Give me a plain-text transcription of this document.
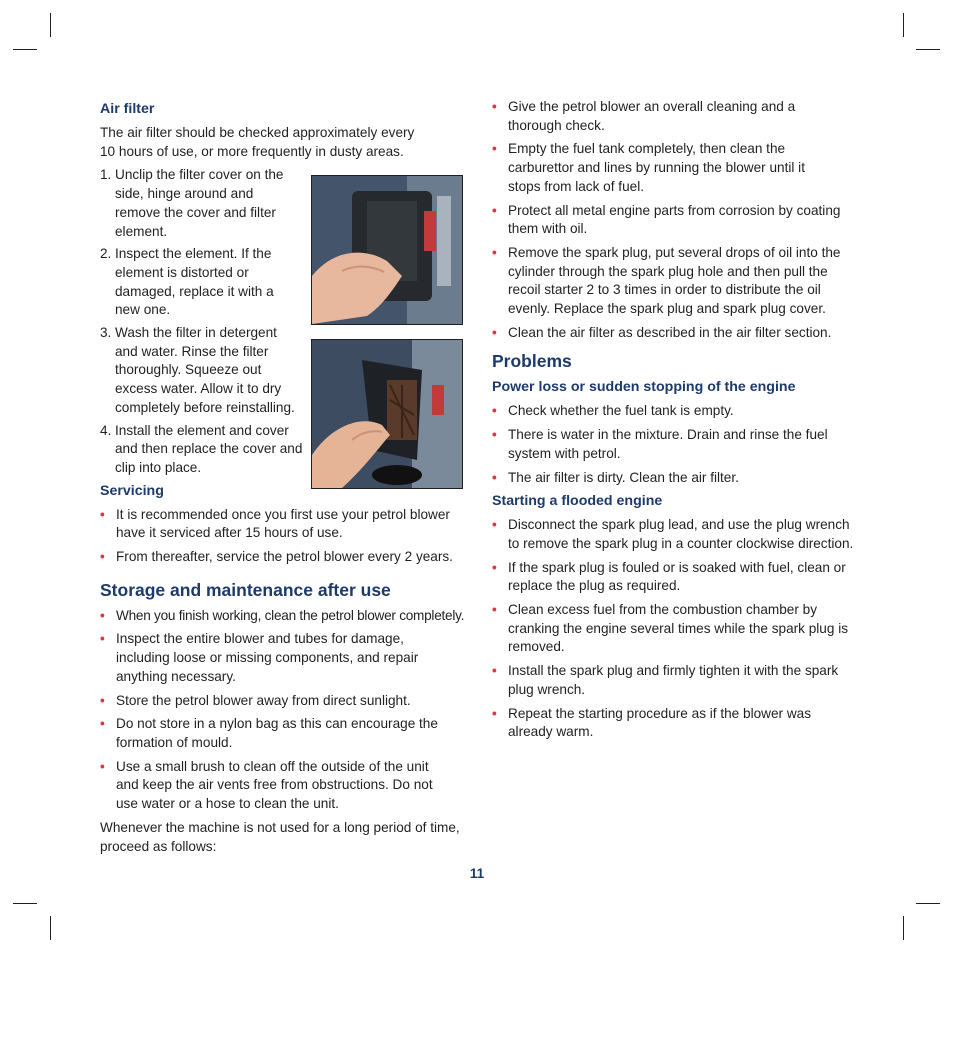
Air filter

The air filter should be checked approximately every 10 hours of use, or more frequently in dusty areas.

1. Unclip the filter cover on the side, hinge around and remove the cover and filter element.
2. Inspect the element. If the element is distorted or damaged, replace it with a new one.
3. Wash the filter in detergent and water. Rinse the filter thoroughly. Squeeze out excess water. Allow it to dry completely before reinstalling.
4. Install the element and cover and then replace the cover and clip into place.
Servicing
• It is recommended once you first use your petrol blower have it serviced after 15 hours of use.
• From thereafter, service the petrol blower every 2 years.
Storage and maintenance after use
• When you finish working, clean the petrol blower completely.
• Inspect the entire blower and tubes for damage, including loose or missing components, and repair anything necessary.
• Store the petrol blower away from direct sunlight.
• Do not store in a nylon bag as this can encourage the formation of mould.
• Use a small brush to clean off the outside of the unit and keep the air vents free from obstructions. Do not use water or a hose to clean the unit.

Whenever the machine is not used for a long period of time, proceed as follows:

• Give the petrol blower an overall cleaning and a thorough check.
• Empty the fuel tank completely, then clean the carburettor and lines by running the blower until it stops from lack of fuel.
• Protect all metal engine parts from corrosion by coating them with oil.
• Remove the spark plug, put several drops of oil into the cylinder through the spark plug hole and then pull the recoil starter 2 to 3 times in order to distribute the oil evenly. Replace the spark plug and spark plug cover.
• Clean the air filter as described in the air filter section.
Problems
Power loss or sudden stopping of the engine
• Check whether the fuel tank is empty.
• There is water in the mixture. Drain and rinse the fuel system with petrol.
• The air filter is dirty. Clean the air filter.
Starting a flooded engine
• Disconnect the spark plug lead, and use the plug wrench to remove the spark plug in a counter clockwise direction.
• If the spark plug is fouled or is soaked with fuel, clean or replace the plug as required.
• Clean excess fuel from the combustion chamber by cranking the engine several times while the spark plug is removed.
• Install the spark plug and firmly tighten it with the spark plug wrench.
• Repeat the starting procedure as if the blower was already warm.
11
